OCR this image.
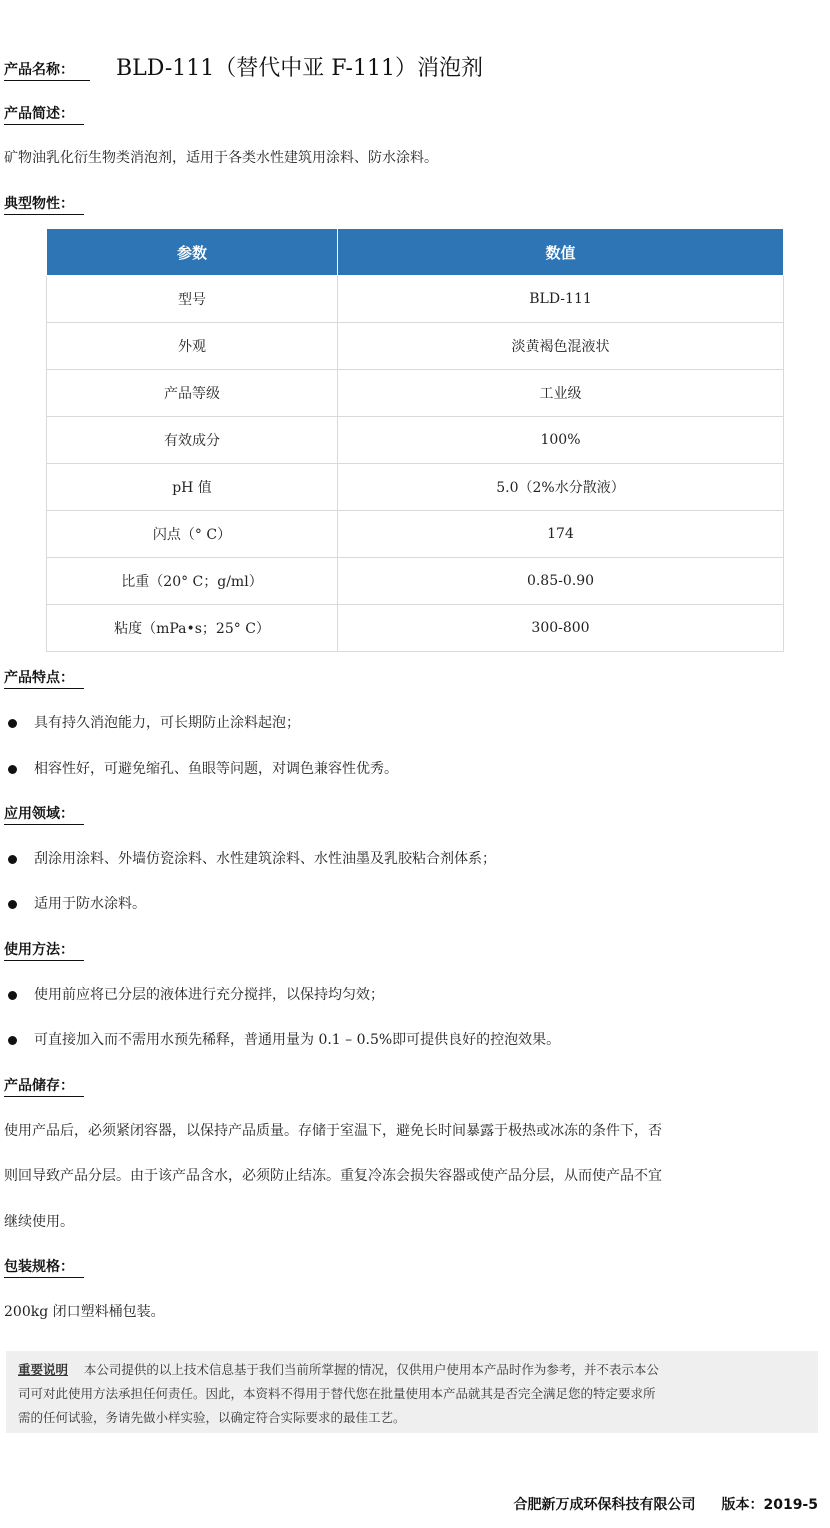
产品名称：	BLD-111（替代中亚 F-111）消泡剂
产品简述：
矿物油乳化衍生物类消泡剂，适用于各类水性建筑用涂料、防水涂料。
典型物性：
参数	数值
型号	BLD-111
外观	淡黄褐色混液状
产品等级	工业级
有效成分	100%
pH 值	5.0（2%水分散液）
闪点（° C）	174
比重（20° C；g/ml）	0.85-0.90
粘度（mPa•s；25° C）	300-800
产品特点：
具有持久消泡能力，可长期防止涂料起泡；
相容性好，可避免缩孔、鱼眼等问题，对调色兼容性优秀。
应用领域：
刮涂用涂料、外墙仿瓷涂料、水性建筑涂料、水性油墨及乳胶粘合剂体系；
适用于防水涂料。
使用方法：
使用前应将已分层的液体进行充分搅拌，以保持均匀效；
可直接加入而不需用水预先稀释，普通用量为 0.1 – 0.5%即可提供良好的控泡效果。
产品储存：
使用产品后，必须紧闭容器，以保持产品质量。存储于室温下，避免长时间暴露于极热或冰冻的条件下，否
则回导致产品分层。由于该产品含水，必须防止结冻。重复冷冻会损失容器或使产品分层，从而使产品不宜
继续使用。
包装规格：
200kg 闭口塑料桶包装。
重要说明 本公司提供的以上技术信息基于我们当前所掌握的情况，仅供用户使用本产品时作为参考，并不表示本公
司可对此使用方法承担任何责任。因此，本资料不得用于替代您在批量使用本产品就其是否完全满足您的特定要求所
需的任何试验，务请先做小样实验，以确定符合实际要求的最佳工艺。
合肥新万成环保科技有限公司 版本：2019-5
